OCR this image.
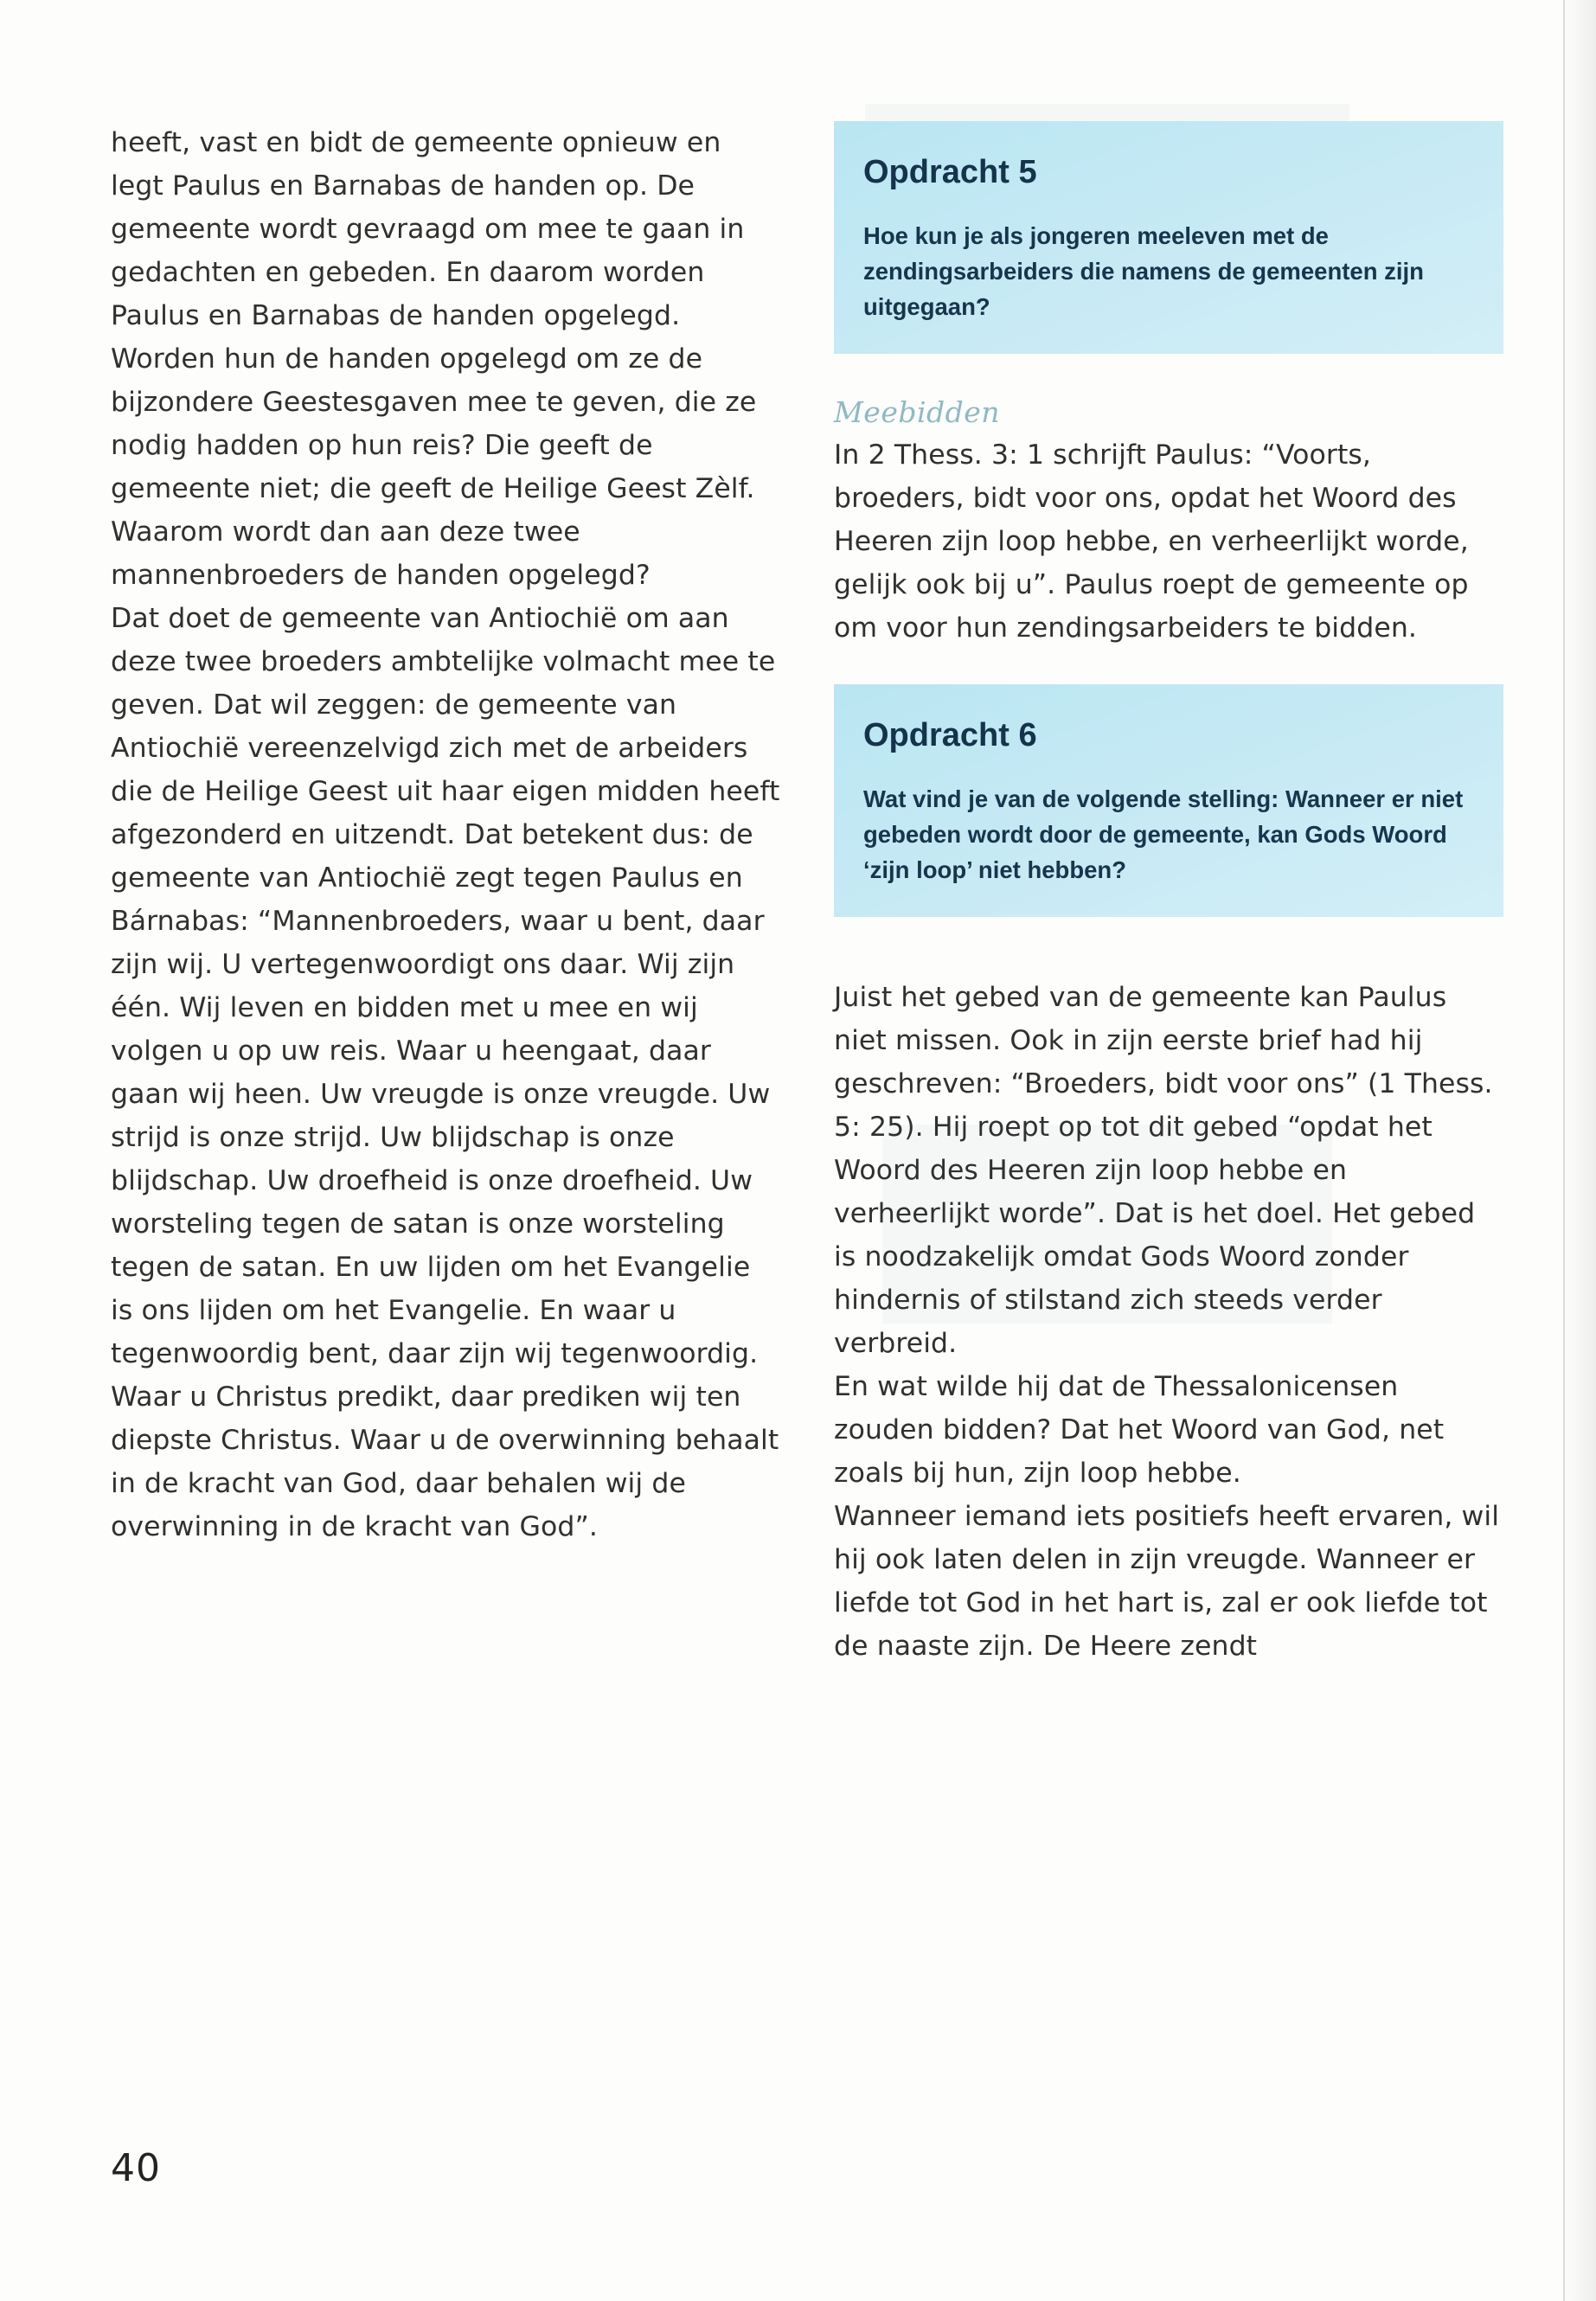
heeft, vast en bidt de gemeente opnieuw en legt Paulus en Barnabas de handen op. De gemeente wordt gevraagd om mee te gaan in gedachten en gebeden. En daarom worden Paulus en Barnabas de handen opgelegd.

Worden hun de handen opgelegd om ze de bijzondere Geestesgaven mee te geven, die ze nodig hadden op hun reis? Die geeft de gemeente niet; die geeft de Heilige Geest Zèlf. Waarom wordt dan aan deze twee mannenbroeders de handen opgelegd?

Dat doet de gemeente van Antiochië om aan deze twee broeders ambtelijke volmacht mee te geven. Dat wil zeggen: de gemeente van Antiochië vereenzelvigd zich met de arbeiders die de Heilige Geest uit haar eigen midden heeft afgezonderd en uitzendt. Dat betekent dus: de gemeente van Antiochië zegt tegen Paulus en Bárnabas: “Mannenbroeders, waar u bent, daar zijn wij. U vertegenwoordigt ons daar. Wij zijn één. Wij leven en bidden met u mee en wij volgen u op uw reis. Waar u heengaat, daar gaan wij heen. Uw vreugde is onze vreugde. Uw strijd is onze strijd. Uw blijdschap is onze blijdschap. Uw droefheid is onze droefheid. Uw worsteling tegen de satan is onze worsteling tegen de satan. En uw lijden om het Evangelie is ons lijden om het Evangelie. En waar u tegenwoordig bent, daar zijn wij tegenwoordig. Waar u Christus predikt, daar prediken wij ten diepste Christus. Waar u de overwinning behaalt in de kracht van God, daar behalen wij de overwinning in de kracht van God”.

Opdracht 5
Hoe kun je als jongeren meeleven met de zendingsarbeiders die namens de gemeenten zijn uitgegaan?
Meebidden

In 2 Thess. 3: 1 schrijft Paulus: “Voorts, broeders, bidt voor ons, opdat het Woord des Heeren zijn loop hebbe, en verheerlijkt worde, gelijk ook bij u”. Paulus roept de gemeente op om voor hun zendingsarbeiders te bidden.

Opdracht 6
Wat vind je van de volgende stelling: Wanneer er niet gebeden wordt door de gemeente, kan Gods Woord ‘zijn loop’ niet hebben?

Juist het gebed van de gemeente kan Paulus niet missen. Ook in zijn eerste brief had hij geschreven: “Broeders, bidt voor ons” (1 Thess. 5: 25). Hij roept op tot dit gebed “opdat het Woord des Heeren zijn loop hebbe en verheerlijkt worde”. Dat is het doel. Het gebed is noodzakelijk omdat Gods Woord zonder hindernis of stilstand zich steeds verder verbreid.

En wat wilde hij dat de Thessalonicensen zouden bidden? Dat het Woord van God, net zoals bij hun, zijn loop hebbe.

Wanneer iemand iets positiefs heeft ervaren, wil hij ook laten delen in zijn vreugde. Wanneer er liefde tot God in het hart is, zal er ook liefde tot de naaste zijn. De Heere zendt

40
